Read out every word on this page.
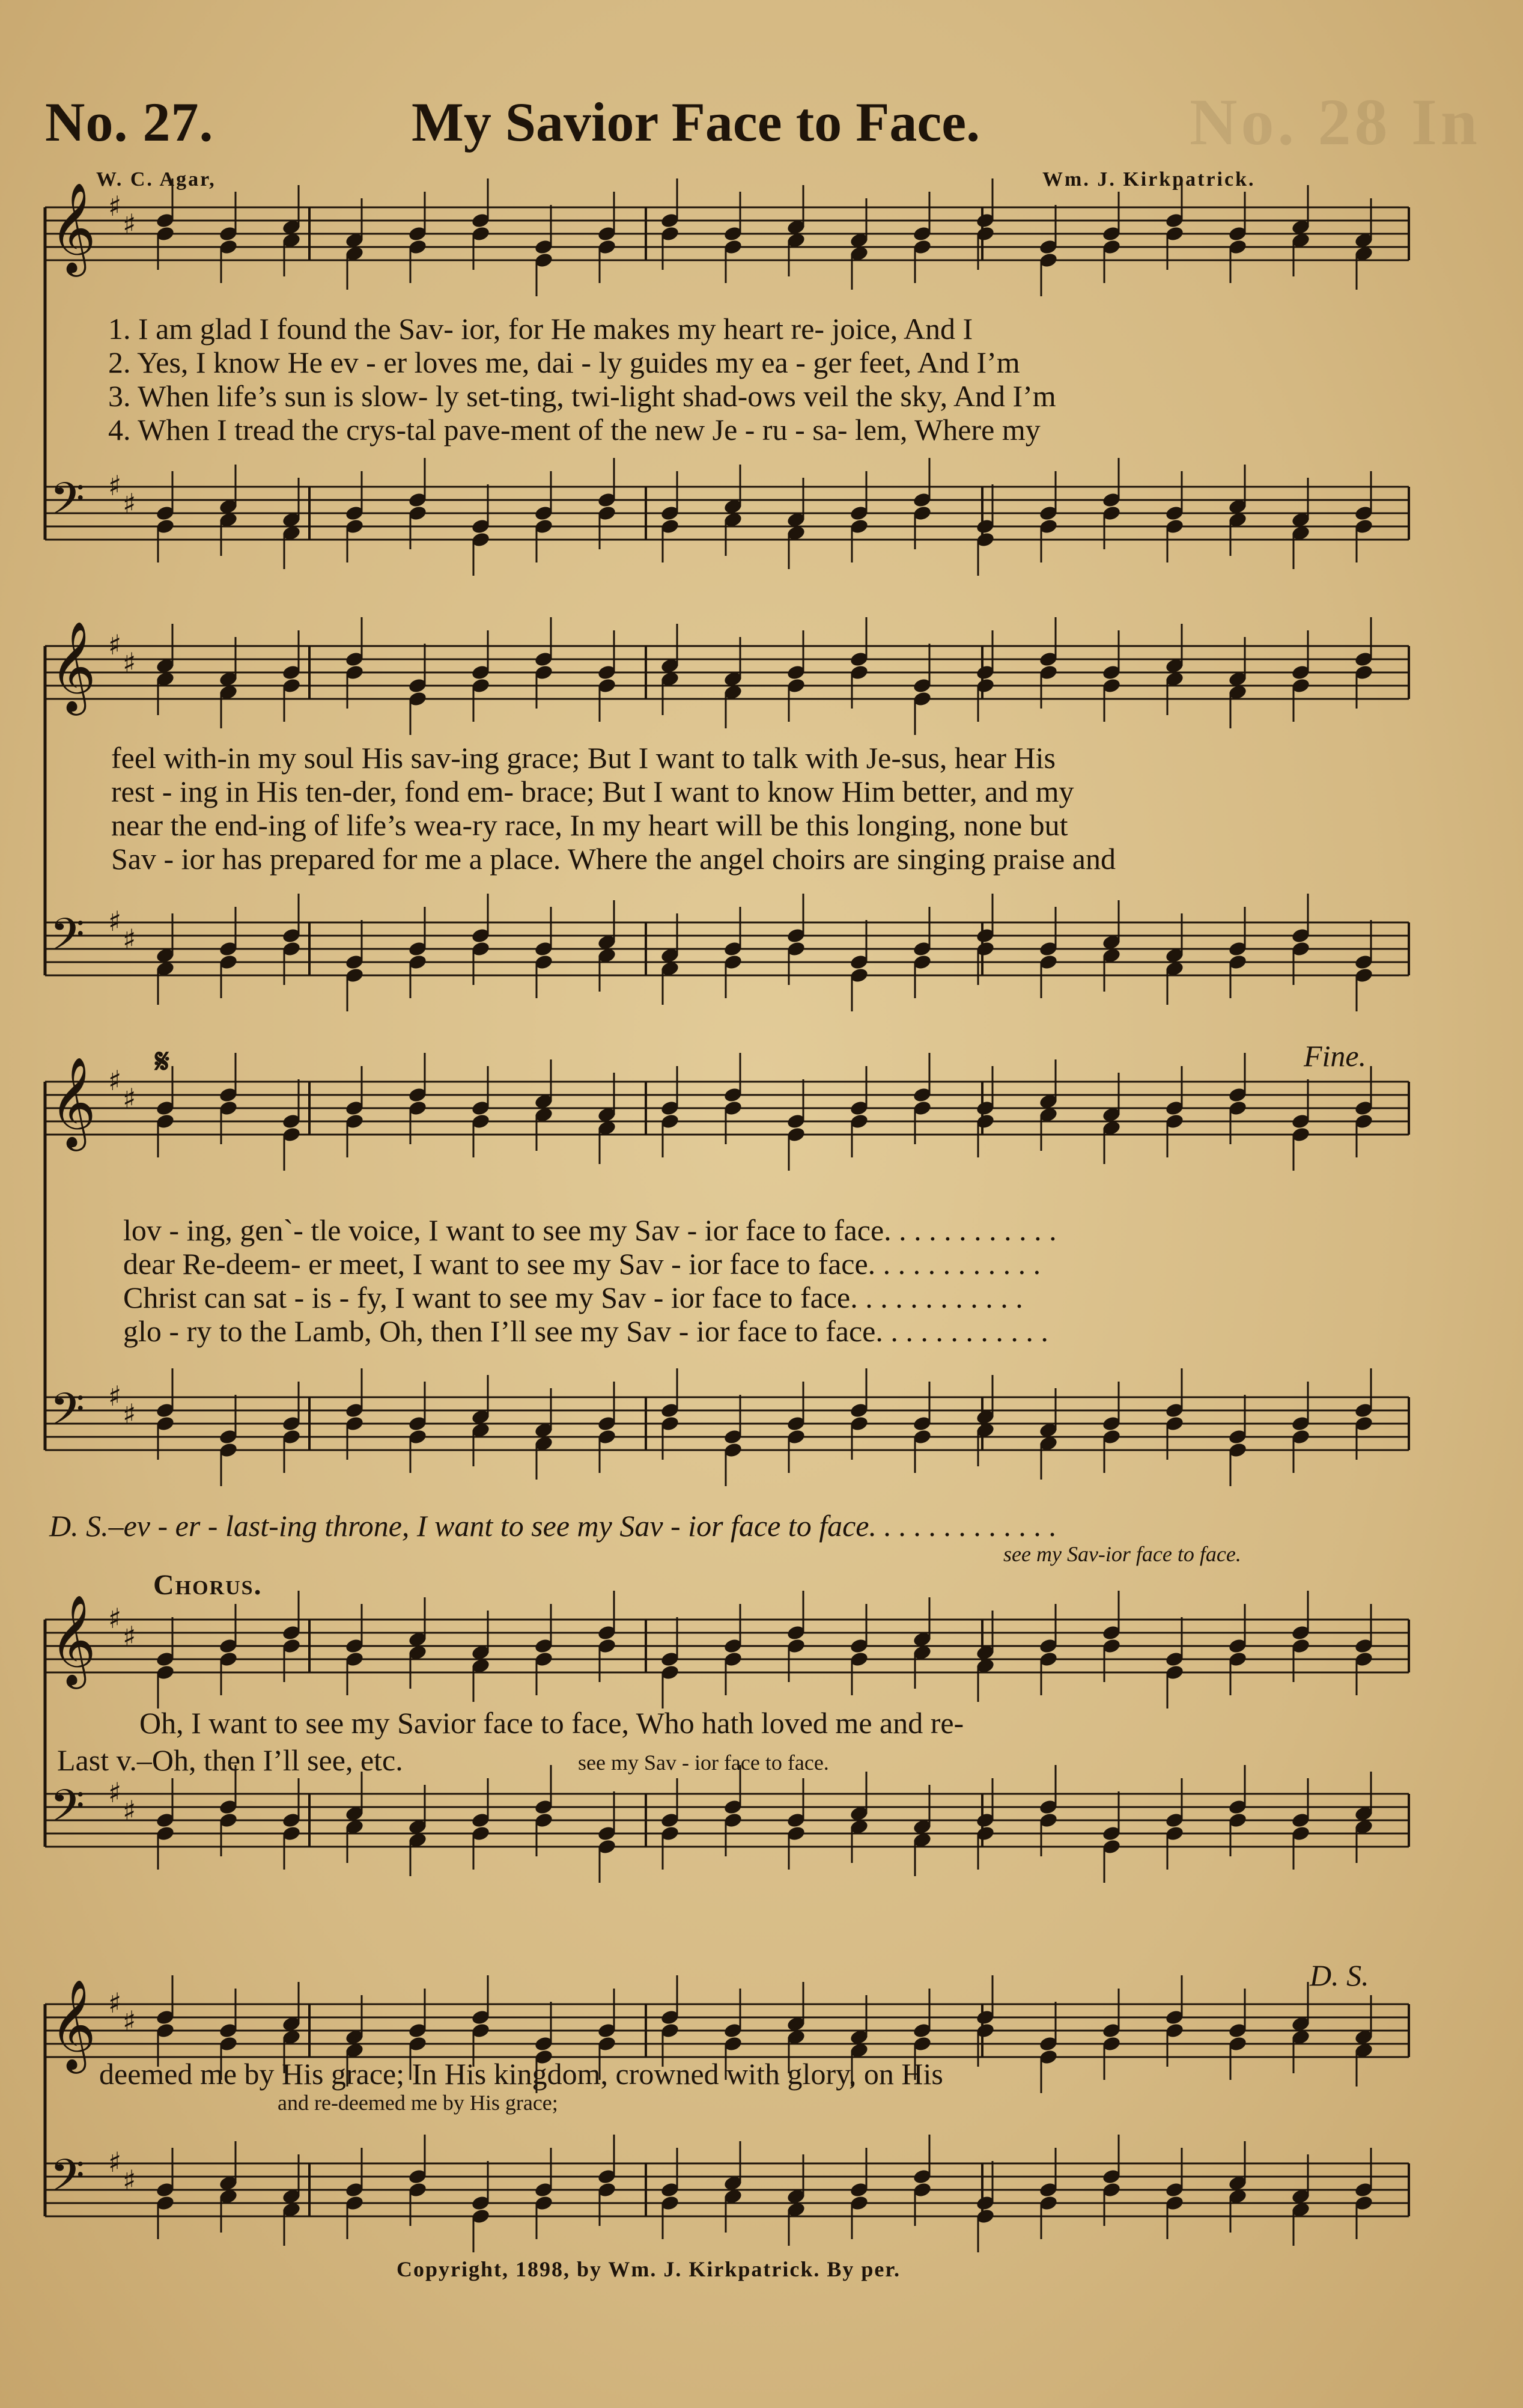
No. 28 In
No. 27.	My Savior Face to Face.
W. C. Agar,	Wm. J. Kirkpatrick.
𝄞 ♯
♯
𝄢 ♯
♯
1. I am glad I found the Sav- ior, for He makes my heart re- joice, And I
2. Yes, I know He ev - er loves me, dai - ly guides my ea - ger feet, And I’m
3. When life’s sun is slow- ly set-ting, twi-light shad-ows veil the sky, And I’m
4. When I tread the crys-tal pave-ment of the new Je - ru - sa- lem, Where my
𝄞 ♯
♯
𝄢 ♯
♯
feel with-in my soul His sav-ing grace; But I want to talk with Je-sus, hear His
rest - ing in His ten-der, fond em- brace; But I want to know Him better, and my
near the end-ing of life’s wea-ry race, In my heart will be this longing, none but
Sav - ior has prepared for me a place. Where the angel choirs are singing praise and
𝄋	Fine.
𝄞 ♯
♯
𝄢 ♯
♯
lov - ing, gen`- tle voice, I want to see my Sav - ior face to face. . . . . . . . . . . .
dear Re-deem- er meet, I want to see my Sav - ior face to face. . . . . . . . . . . .
Christ can sat - is - fy, I want to see my Sav - ior face to face. . . . . . . . . . . .
glo - ry to the Lamb, Oh, then I’ll see my Sav - ior face to face. . . . . . . . . . . .
D. S.–ev - er - last-ing throne, I want to see my Sav - ior face to face. . . . . . . . . . . . .
see my Sav-ior face to face.
Chorus.
𝄞 ♯
♯
𝄢 ♯
♯
Oh, I want to see my Savior face to face, Who hath loved me and re-
Last v.–Oh, then I’ll see, etc.	see my Sav - ior face to face.
D. S.
𝄞 ♯
♯
𝄢 ♯
♯
deemed me by His grace; In His kingdom, crowned with glory, on His
and re-deemed me by His grace;
Copyright, 1898, by Wm. J. Kirkpatrick. By per.
